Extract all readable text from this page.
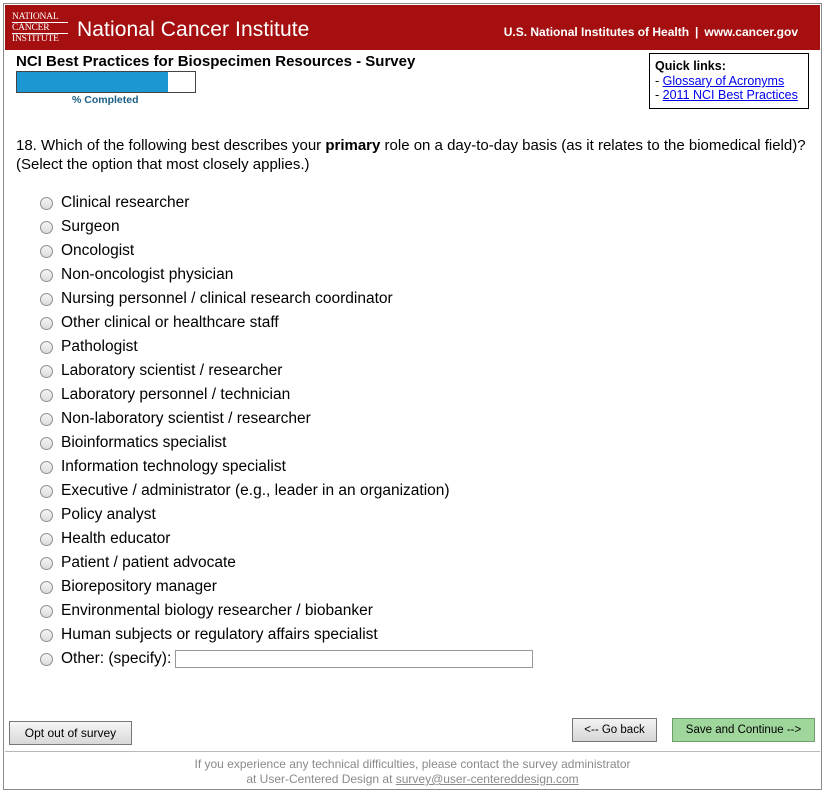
NATIONAL
CANCER
INSTITUTE National Cancer Institute	U.S. National Institutes of Health | www.cancer.gov
NCI Best Practices for Biospecimen Resources - Survey
% Completed
Quick links:
- Glossary of Acronyms
- 2011 NCI Best Practices
18. Which of the following best describes your primary role on a day-to-day basis (as it relates to the biomedical field)? (Select the option that most closely applies.)
Clinical researcher
Surgeon
Oncologist
Non-oncologist physician
Nursing personnel / clinical research coordinator
Other clinical or healthcare staff
Pathologist
Laboratory scientist / researcher
Laboratory personnel / technician
Non-laboratory scientist / researcher
Bioinformatics specialist
Information technology specialist
Executive / administrator (e.g., leader in an organization)
Policy analyst
Health educator
Patient / patient advocate
Biorepository manager
Environmental biology researcher / biobanker
Human subjects or regulatory affairs specialist
Other: (specify):
Opt out of survey	<-- Go back	Save and Continue -->
If you experience any technical difficulties, please contact the survey administrator
at User-Centered Design at survey@user-centereddesign.com
